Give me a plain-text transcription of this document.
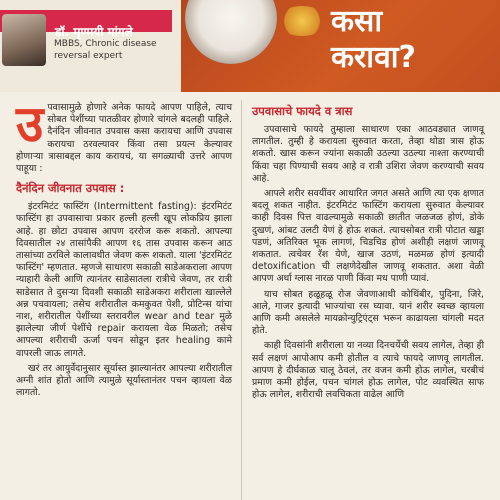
डॉ. मृण्मयी मांगले
MBBS, Chronic disease reversal expert
कसा
करावा?

उ पवासामुळे होणारे अनेक फायदे आपण पाहिले, त्याच सोबत पेशींच्या पातळीवर होणारे चांगले बदलही पाहिले. दैनंदिन जीवनात उपवास कसा करायचा आणि उपवास करायचा ठरवल्यावर किंवा तसा प्रयत्न केल्यावर होणाऱ्या त्रासाबद्दल काय करायचं, या सगळ्याची उत्तरे आपण पाहूया :

दैनंदिन जीवनात उपवास :

इंटरमिटंट फास्टिंग (Intermittent fasting): इंटरमिटंट फास्टिंग हा उपवासाचा प्रकार हल्ली हल्ली खूप लोकप्रिय झाला आहे. हा छोटा उपवास आपण दररोज करू शकतो. आपल्या दिवसातील २४ तासांपैकी आपण १६ तास उपवास करून आठ तासांच्या ठरविले कालावधीत जेवण करू शकतो. याला 'इंटरमिटंट फास्टिंग' म्हणतात. म्हणजे साधारण सकाळी साडेअकराला आपण न्याहारी केली आणि त्यानंतर साडेसातला रात्रीचे जेवण, तर रात्री साडेसात ते दुसऱ्या दिवशी सकाळी साडेअकरा शरीराला खाल्लेले अन्न पचवायला; तसेच शरीरातील कमकुवत पेशी, प्रोटिन्स यांचा नाश, शरीरातील पेशींच्या स्तरावरील wear and tear मुळे झालेल्या जीर्ण पेशींचे repair करायला वेळ मिळतो; तसेच आपल्या शरीराची ऊर्जा पचन सोडून इतर healing कामे वापरली जाऊ लागते.

खरं तर आयुर्वेदानुसार सूर्यास्त झाल्यानंतर आपल्या शरीरातील अग्नी शांत होतो आणि त्यामुळे सूर्यास्तानंतर पचन व्हायला वेळ लागतो.

उपवासाचे फायदे व त्रास

उपवासाचे फायदे तुम्हाला साधारण एका आठवड्यात जाणवू लागतील. तुम्ही हे करायला सुरुवात करता, तेव्हा थोडा त्रास होऊ शकतो. खास करून ज्यांना सकाळी उठल्या उठल्या नाश्ता करण्याची किंवा चहा पिण्याची सवय आहे व रात्री उशिरा जेवण करण्याची सवय आहे.

आपले शरीर सवयींवर आधारित जगत असते आणि त्या एक क्षणात बदलू शकत नाहीत. इंटरमिटंट फास्टिंग करायला सुरुवात केल्यावर काही दिवस पित्त वाढल्यामुळे सकाळी छातीत जळजळ होणं, डोके दुखणं, आंबट उलटी येणं हे होऊ शकतं. त्याचसोबत रात्री पोटात खड्डा पडणं, अतिरिक्त भूक लागणं, चिडचिड होणं अशीही लक्षणं जाणवू शकतात. त्वचेवर रॅश येणे, खाज उठणं, मळमळ होणं इत्यादी detoxification ची लक्षणेदेखील जाणवू शकतात. अशा वेळी आपण अर्धा ग्लास नारळ पाणी किंवा मध पाणी प्यावं.

याच सोबत हळूहळू रोज जेवणाआधी कोथिंबीर, पुदिना, जिरे, आले, गाजर इत्यादी भाज्यांचा रस घ्यावा. यानं शरीर स्वच्छ व्हायला आणि कमी असलेले मायक्रोन्युट्रिएंट्स भरून काढायला चांगली मदत होते.

काही दिवसांनी शरीराला या नव्या दिनचर्येची सवय लागेल, तेव्हा ही सर्व लक्षणं आपोआप कमी होतील व त्याचे फायदे जाणवू लागतील. आपण हे दीर्घकाळ चालू ठेवलं, तर वजन कमी होऊ लागेल, चरबीचं प्रमाण कमी होईल, पचन चांगलं होऊ लागेल, पोट व्यवस्थित साफ होऊ लागेल, शरीराची लवचिकता वाढेल आणि
